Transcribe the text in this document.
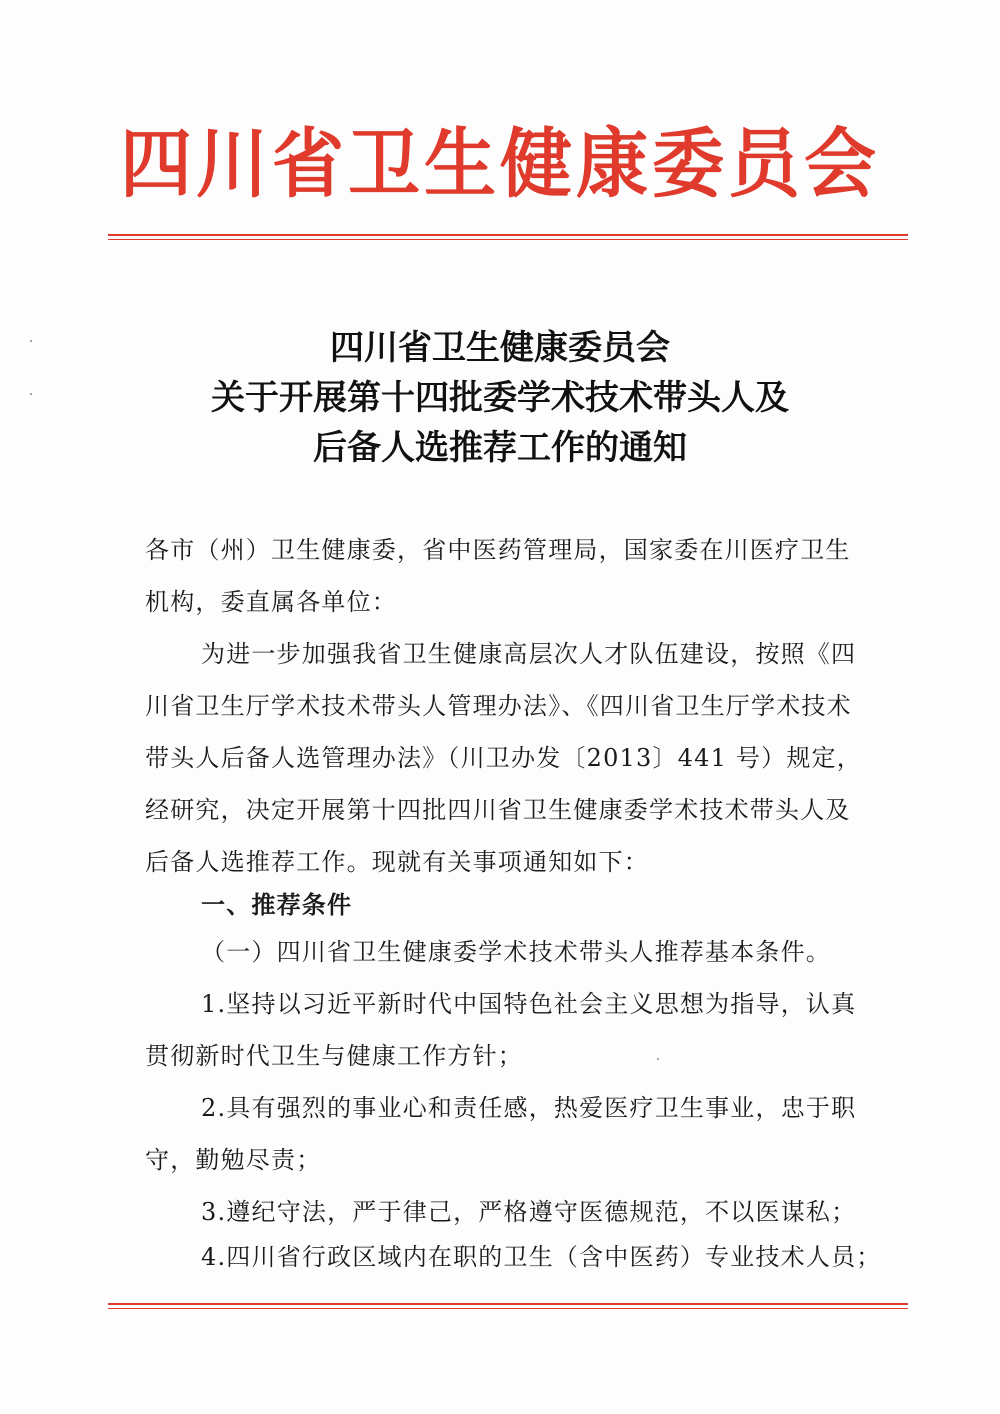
四川省卫生健康委员会
四川省卫生健康委员会
关于开展第十四批委学术技术带头人及
后备人选推荐工作的通知
各市（州）卫生健康委，省中医药管理局，国家委在川医疗卫生
机构，委直属各单位：
为进一步加强我省卫生健康高层次人才队伍建设，按照《四
川省卫生厅学术技术带头人管理办法》、《四川省卫生厅学术技术
带头人后备人选管理办法》（川卫办发〔2013〕441 号）规定，
经研究，决定开展第十四批四川省卫生健康委学术技术带头人及
后备人选推荐工作。现就有关事项通知如下：
一、推荐条件
（一）四川省卫生健康委学术技术带头人推荐基本条件。
1.坚持以习近平新时代中国特色社会主义思想为指导，认真
贯彻新时代卫生与健康工作方针；
2.具有强烈的事业心和责任感，热爱医疗卫生事业，忠于职
守，勤勉尽责；
3.遵纪守法，严于律己，严格遵守医德规范，不以医谋私；
4.四川省行政区域内在职的卫生（含中医药）专业技术人员；
